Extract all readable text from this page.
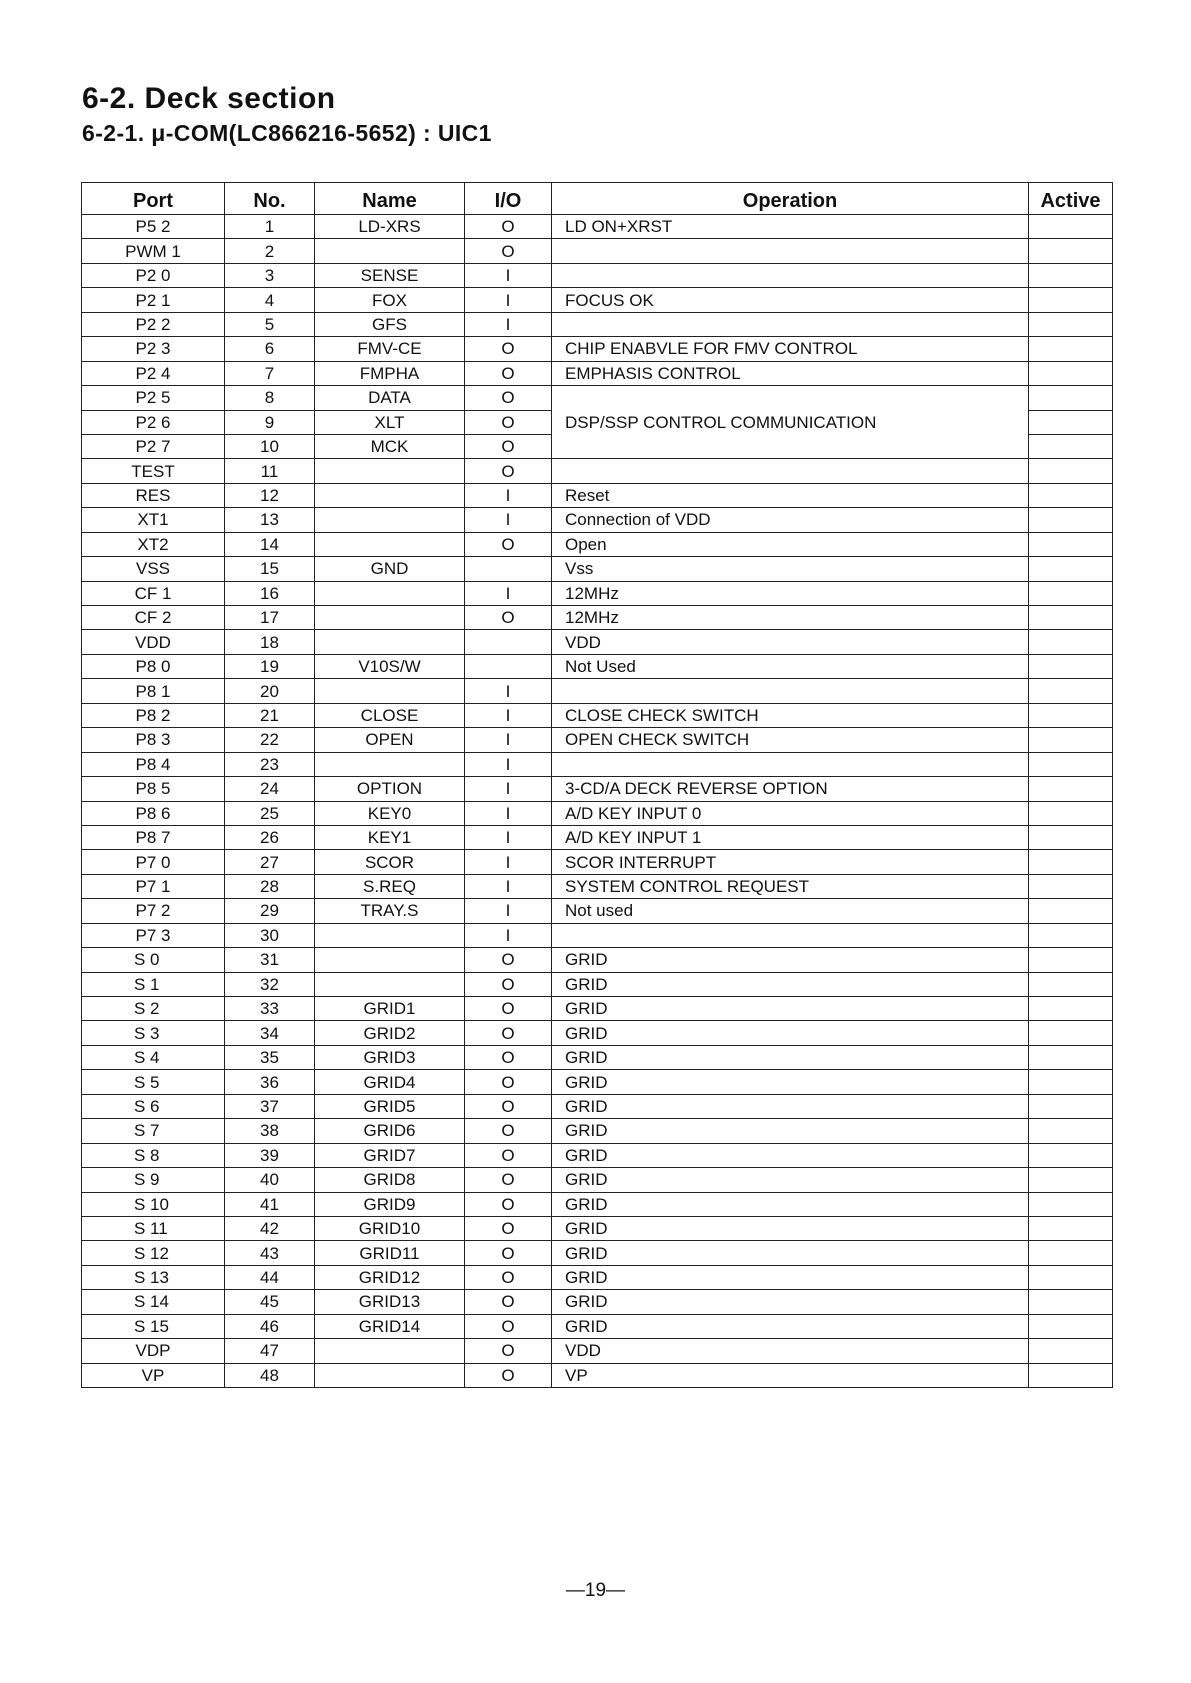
6-2. Deck section
6-2-1. μ-COM(LC866216-5652) : UIC1
Port	No.	Name	I/O	Operation	Active
P5 2	1	LD-XRS	O	LD ON+XRST	
PWM 1	2		O		
P2 0	3	SENSE	I		
P2 1	4	FOX	I	FOCUS OK	
P2 2	5	GFS	I		
P2 3	6	FMV-CE	O	CHIP ENABVLE FOR FMV CONTROL	
P2 4	7	FMPHA	O	EMPHASIS CONTROL	
P2 5	8	DATA	O	DSP/SSP CONTROL COMMUNICATION	
P2 6	9	XLT	O		
P2 7	10	MCK	O		
TEST	11		O		
RES	12		I	Reset	
XT1	13		I	Connection of VDD	
XT2	14		O	Open	
VSS	15	GND		Vss	
CF 1	16		I	12MHz	
CF 2	17		O	12MHz	
VDD	18			VDD	
P8 0	19	V10S/W		Not Used	
P8 1	20		I		
P8 2	21	CLOSE	I	CLOSE CHECK SWITCH	
P8 3	22	OPEN	I	OPEN CHECK SWITCH	
P8 4	23		I		
P8 5	24	OPTION	I	3-CD/A DECK REVERSE OPTION	
P8 6	25	KEY0	I	A/D KEY INPUT 0	
P8 7	26	KEY1	I	A/D KEY INPUT 1	
P7 0	27	SCOR	I	SCOR INTERRUPT	
P7 1	28	S.REQ	I	SYSTEM CONTROL REQUEST	
P7 2	29	TRAY.S	I	Not used	
P7 3	30		I		
S 0	31		O	GRID	
S 1	32		O	GRID	
S 2	33	GRID1	O	GRID	
S 3	34	GRID2	O	GRID	
S 4	35	GRID3	O	GRID	
S 5	36	GRID4	O	GRID	
S 6	37	GRID5	O	GRID	
S 7	38	GRID6	O	GRID	
S 8	39	GRID7	O	GRID	
S 9	40	GRID8	O	GRID	
S 10	41	GRID9	O	GRID	
S 11	42	GRID10	O	GRID	
S 12	43	GRID11	O	GRID	
S 13	44	GRID12	O	GRID	
S 14	45	GRID13	O	GRID	
S 15	46	GRID14	O	GRID	
VDP	47		O	VDD	
VP	48		O	VP	
—19—
